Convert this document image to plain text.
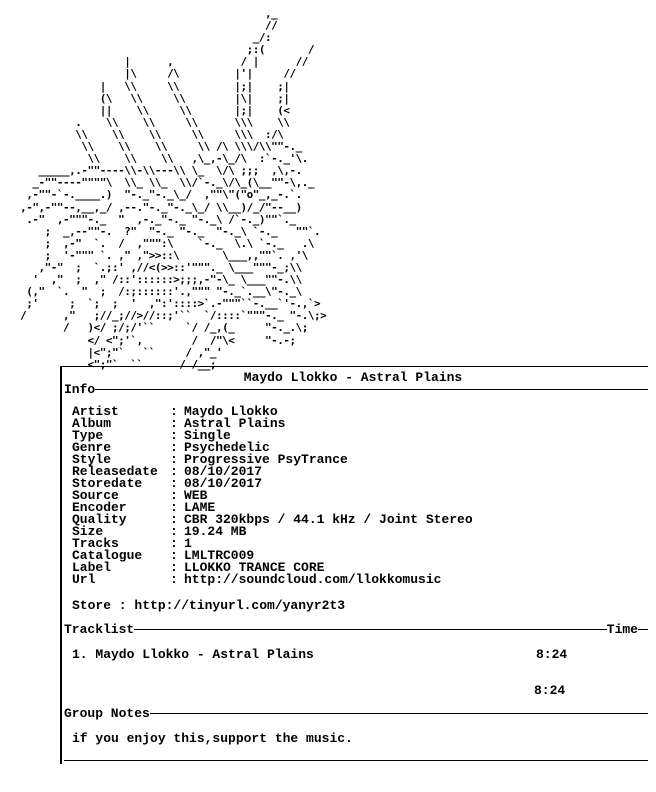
,_
//
_/:
;:(       /
|      ,           / |      //
|\     /\         |'|     //
|   \\     \\         |;|    ;|
(\   \\     \\        |\|    ;|
||    \\     \\       |;|    (<
.    \\    \\     \\      \\\    \\
\\    \\    \\     \\     \\\  :/\
\\    \\    \\     \\ /\ \\\/\\""-._
\\    \\    \\   ,\_,-\_/\  :`-._'\.
_____,.-""----\\-\\---\\ \_  \/\ ;;;  ,\,-.
_-""----""""\  \\_ \\_  \\/`-._\/\_(\__""-\,._
,-""-`-.____.)  "-._"-._\_/  ,""\"("o"_,_-.`.
,-",-""--,__,_/ ,--."-._"-._\_/ \\__)/_/"--__)
.-"  ,-"""-._  "  ,-._"-._ "-._\ /`-._)""`._
;  _,--""-.  ?"  "-._ "-._  "-._\ `-._   ""`.
;  ,-"  `.  /  ,""":\    `-._  \.\ `-._   .\
;  '-""" `. ," ,">>::\       \___,,""`. ,'\
,"-"  ;  `.;:' ,//<(>>::'"""._ \___"""-_;\\
'  ,"  ;  ," /::'::::::>;;;,-"-\_ \___""-.\\
(,"  `.  "  ;  /:;::::::'.,""" "-._`.__\"-._\
;'     ;  `;  ;  '  ,":'::::>`.-"""``-.__`'-.,`>
/      ,"   ;//_;//>//::;'``  `/::::`"""-._ "-.\;>
/   )</ ;/;/'``     `/ /_,(_     "-._.\;
</ <";'`,        /  /"\<     "-.-;
|<";"`   ``     / ,"_'
<";"`  ``      / /__;
Maydo Llokko - Astral Plains
Info
Artist	: Maydo Llokko
Album	: Astral Plains
Type	: Single
Genre	: Psychedelic
Style	: Progressive PsyTrance
Releasedate : 08/10/2017
Storedate	: 08/10/2017
Source	: WEB
Encoder	: LAME
Quality	: CBR 320kbps / 44.1 kHz / Joint Stereo
Size	: 19.24 MB
Tracks	: 1
Catalogue	: LMLTRC009
Label	: LLOKKO TRANCE CORE
Url	: http://soundcloud.com/llokkomusic
Store : http://tinyurl.com/yanyr2t3
Tracklist	Time
1. Maydo Llokko - Astral Plains	8:24
8:24
Group Notes
if you enjoy this,support the music.
